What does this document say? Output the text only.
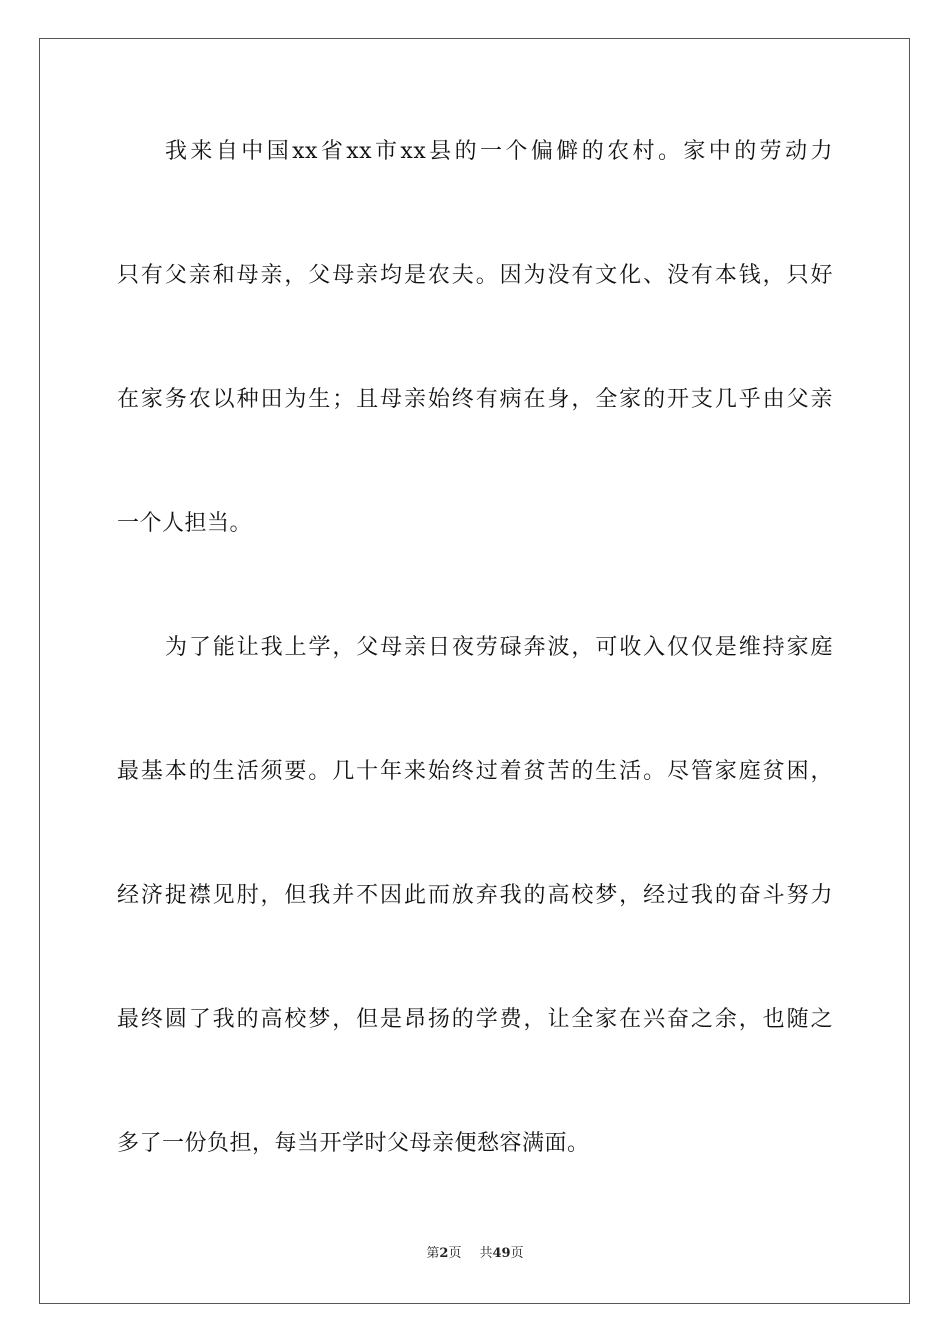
我来自中国xx省xx市xx县的一个偏僻的农村。家中的劳动力
只有父亲和母亲，父母亲均是农夫。因为没有文化、没有本钱，只好
在家务农以种田为生；且母亲始终有病在身，全家的开支几乎由父亲
一个人担当。
为了能让我上学，父母亲日夜劳碌奔波，可收入仅仅是维持家庭
最基本的生活须要。几十年来始终过着贫苦的生活。尽管家庭贫困，
经济捉襟见肘，但我并不因此而放弃我的高校梦，经过我的奋斗努力
最终圆了我的高校梦，但是昂扬的学费，让全家在兴奋之余，也随之
多了一份负担，每当开学时父母亲便愁容满面。
第2页 共49页
